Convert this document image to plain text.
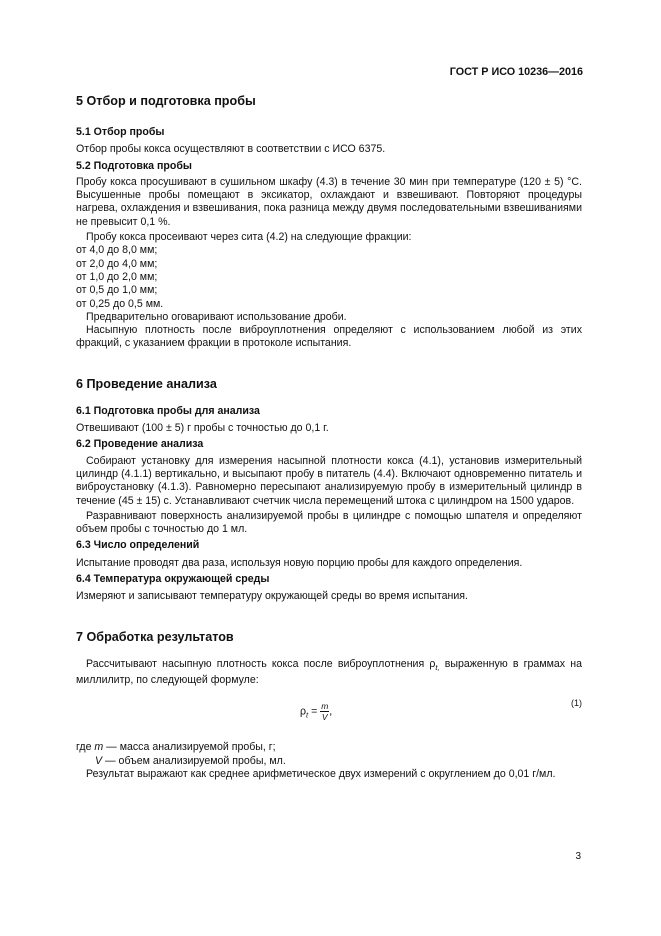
ГОСТ Р ИСО 10236—2016
5 Отбор и подготовка пробы
5.1 Отбор пробы

Отбор пробы кокса осуществляют в соответствии с ИСО 6375.

5.2 Подготовка пробы

Пробу кокса просушивают в сушильном шкафу (4.3) в течение 30 мин при температуре (120 ± 5) °С. Высушенные пробы помещают в эксикатор, охлаждают и взвешивают. Повторяют процедуры нагрева, охлаждения и взвешивания, пока разница между двумя последовательными взвешиваниями не превысит 0,1 %.

Пробу кокса просеивают через сита (4.2) на следующие фракции:

от 4,0 до 8,0 мм;

от 2,0 до 4,0 мм;

от 1,0 до 2,0 мм;

от 0,5 до 1,0 мм;

от 0,25 до 0,5 мм.

Предварительно оговаривают использование дроби.

Насыпную плотность после виброуплотнения определяют с использованием любой из этих фракций, с указанием фракции в протоколе испытания.

6 Проведение анализа
6.1 Подготовка пробы для анализа

Отвешивают (100 ± 5) г пробы с точностью до 0,1 г.

6.2 Проведение анализа

Собирают установку для измерения насыпной плотности кокса (4.1), установив измерительный цилиндр (4.1.1) вертикально, и высыпают пробу в питатель (4.4). Включают одновременно питатель и виброустановку (4.1.3). Равномерно пересыпают анализируемую пробу в измерительный цилиндр в течение (45 ± 15) с. Устанавливают счетчик числа перемещений штока с цилиндром на 1500 ударов.

Разравнивают поверхность анализируемой пробы в цилиндре с помощью шпателя и определяют объем пробы с точностью до 1 мл.

6.3 Число определений

Испытание проводят два раза, используя новую порцию пробы для каждого определения.

6.4 Температура окружающей среды

Измеряют и записывают температуру окружающей среды во время испытания.

7 Обработка результатов

Рассчитывают насыпную плотность кокса после виброуплотнения $\rho_{t,}$ выраженную в граммах на миллилитр, по следующей формуле:

$\rho_t = \frac{m}{V}$ ,
(1)

где m — масса анализируемой пробы, г;

V — объем анализируемой пробы, мл.

Результат выражают как среднее арифметическое двух измерений с округлением до 0,01 г/мл.

3
